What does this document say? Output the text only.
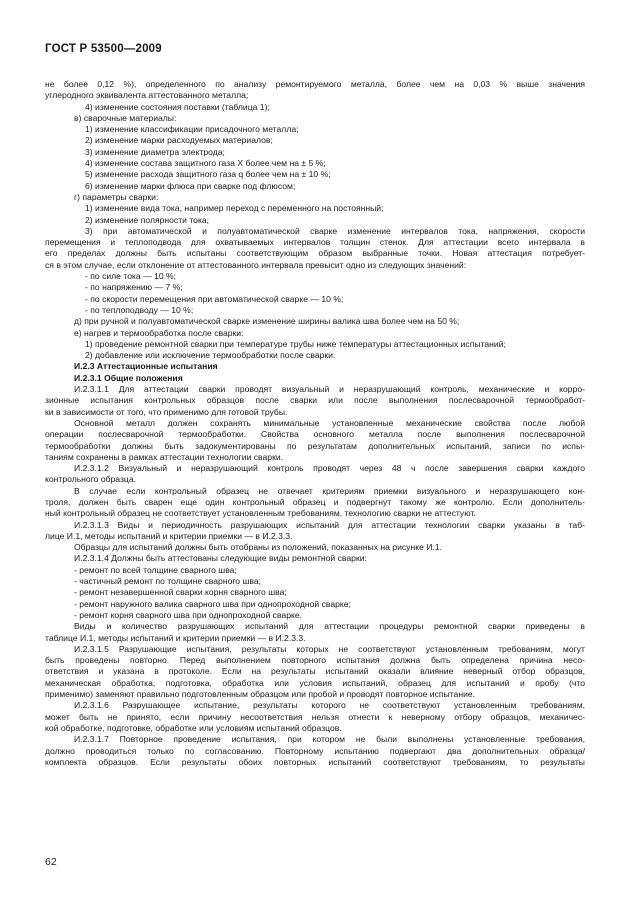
ГОСТ Р 53500—2009
не более 0,12 %), определенного по анализу ремонтируемого металла, более чем на 0,03 % выше значения
углеродного эквивалента аттестованного металла;
4) изменение состояния поставки (таблица 1);
в) сварочные материалы:
1) изменение классификации присадочного металла;
2) изменение марки расходуемых материалов;
3) изменение диаметра электрода;
4) изменение состава защитного газа X более чем на ± 5 %;
5) изменение расхода защитного газа q более чем на ± 10 %;
6) изменение марки флюса при сварке под флюсом;
г) параметры сварки:
1) изменение вида тока, например переход с переменного на постоянный;
2) изменение полярности тока;
3) при автоматической и полуавтоматической сварке изменение интервалов тока, напряжения, скорости
перемещения и теплоподвода для охватываемых интервалов толщин стенок. Для аттестации всего интервала в
его пределах должны быть испытаны соответствующим образом выбранные точки. Новая аттестация потребует-
ся в этом случае, если отклонение от аттестованного интервала превысит одно из следующих значений:
- по силе тока — 10 %;
- по напряжению — 7 %;
- по скорости перемещения при автоматической сварке — 10 %;
- по теплоподводу — 10 %;
д) при ручной и полуавтоматической сварке изменение ширины валика шва более чем на 50 %;
е) нагрев и термообработка после сварки:
1) проведение ремонтной сварки при температуре трубы ниже температуры аттестационных испытаний;
2) добавление или исключение термообработки после сварки.
И.2.3 Аттестационные испытания
И.2.3.1 Общие положения
И.2.3.1.1 Для аттестации сварки проводят визуальный и неразрушающий контроль, механические и корро-
зионные испытания контрольных образцов после сварки или после выполнения послесварочной термообработ-
ки в зависимости от того, что применимо для готовой трубы.
Основной металл должен сохранять минимальные установленные механические свойства после любой
операции послесварочной термообработки. Свойства основного металла после выполнения послесварочной
термообработки должны быть задокументированы по результатам дополнительных испытаний, записи по испы-
таниям сохранены в рамках аттестации технологии сварки.
И.2.3.1.2 Визуальный и неразрушающий контроль проводят через 48 ч после завершения сварки каждого
контрольного образца.
В случае если контрольный образец не отвечает критериям приемки визуального и неразрушающего кон-
троля, должен быть сварен еще один контрольный образец и подвергнут такому же контролю. Если дополнитель-
ный контрольный образец не соответствует установленным требованиям, технологию сварки не аттестуют.
И.2.3.1.3 Виды и периодичность разрушающих испытаний для аттестации технологии сварки указаны в таб-
лице И.1, методы испытаний и критерии приемки — в И.2.3.3.
Образцы для испытаний должны быть отобраны из положений, показанных на рисунке И.1.
И.2.3.1.4 Должны быть аттестованы следующие виды ремонтной сварки:
- ремонт по всей толщине сварного шва;
- частичный ремонт по толщине сварного шва;
- ремонт незавершенной сварки корня сварного шва;
- ремонт наружного валика сварного шва при однопроходной сварке;
- ремонт корня сварного шва при однопроходной сварке.
Виды и количество разрушающих испытаний для аттестации процедуры ремонтной сварки приведены в
таблице И.1, методы испытаний и критерии приемки — в И.2.3.3.
И.2.3.1.5 Разрушающие испытания, результаты которых не соответствуют установленным требованиям, могут
быть проведены повторно. Перед выполнением повторного испытания должна быть определена причина несо-
ответствия и указана в протоколе. Если на результаты испытаний оказали влияние неверный отбор образцов,
механическая обработка, подготовка, обработка или условия испытаний, образец для испытаний и пробу (что
применимо) заменяют правильно подготовленным образцом или пробой и проводят повторное испытание.
И.2.3.1.6 Разрушающее испытание, результаты которого не соответствуют установленным требованиям,
может быть не принято, если причину несоответствия нельзя отнести к неверному отбору образцов, механичес-
кой обработке, подготовке, обработке или условиям испытаний образцов.
И.2.3.1.7 Повторное проведение испытания, при котором не были выполнены установленные требования,
должно проводиться только по согласованию. Повторному испытанию подвергают два дополнительных образца/
комплекта образцов. Если результаты обоих повторных испытаний соответствуют требованиям, то результаты
62
